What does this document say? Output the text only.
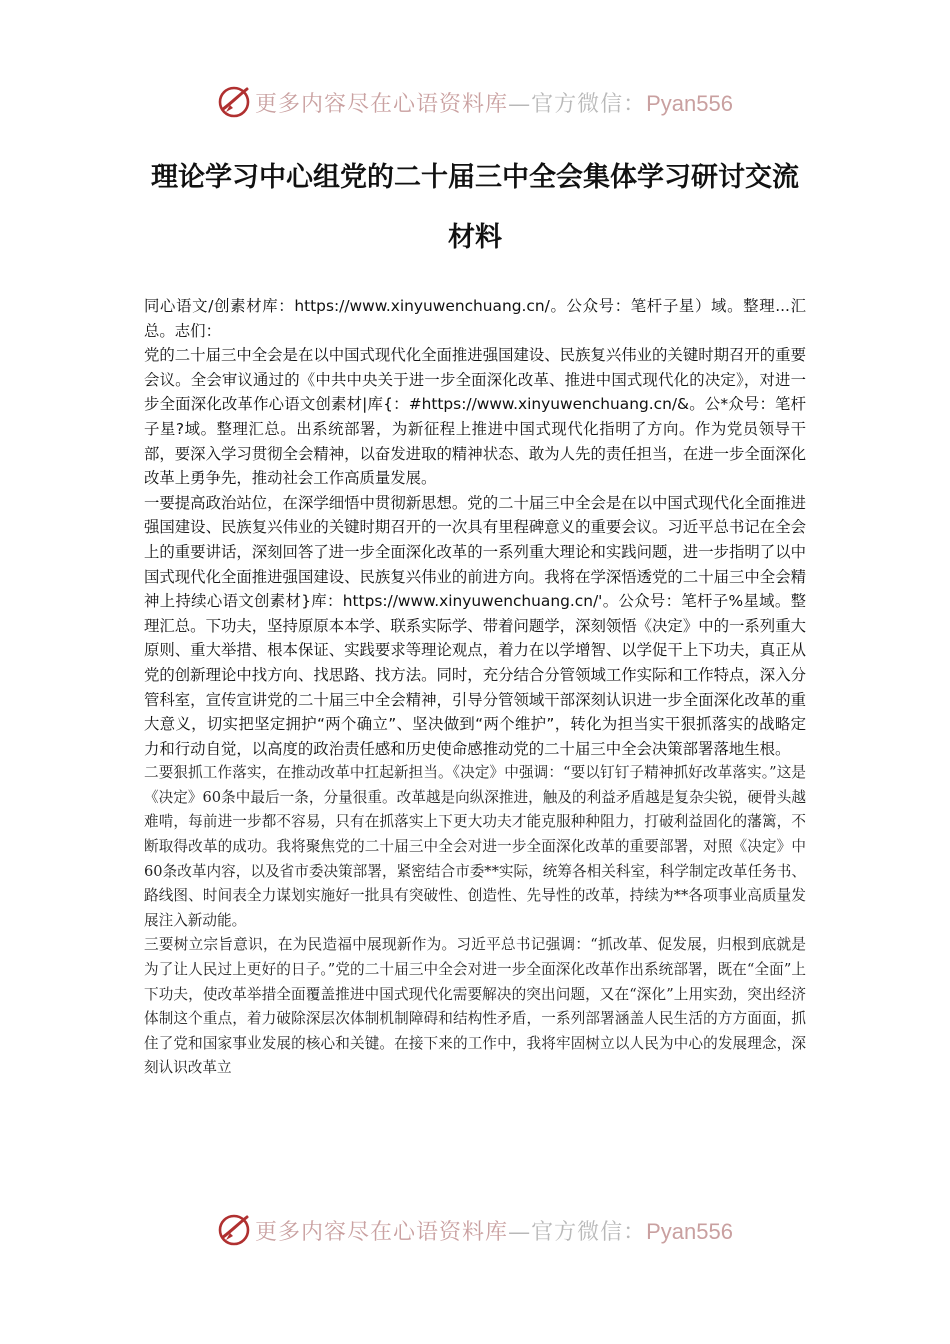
更多内容尽在心语资料库—官方微信：Pyan556
理论学习中心组党的二十届三中全会集体学习研讨交流材料

同心语文/创素材库：https://www.xinyuwenchuang.cn/。公众号：笔杆子星）域。整理...汇总。志们：

党的二十届三中全会是在以中国式现代化全面推进强国建设、民族复兴伟业的关键时期召开的重要会议。全会审议通过的《中共中央关于进一步全面深化改革、推进中国式现代化的决定》，对进一步全面深化改革作心语文创素材|库{：#https://www.xinyuwenchuang.cn/&。公*众号：笔杆子星?域。整理汇总。出系统部署，为新征程上推进中国式现代化指明了方向。作为党员领导干部，要深入学习贯彻全会精神，以奋发进取的精神状态、敢为人先的责任担当，在进一步全面深化改革上勇争先，推动社会工作高质量发展。

一要提高政治站位，在深学细悟中贯彻新思想。党的二十届三中全会是在以中国式现代化全面推进强国建设、民族复兴伟业的关键时期召开的一次具有里程碑意义的重要会议。习近平总书记在全会上的重要讲话，深刻回答了进一步全面深化改革的一系列重大理论和实践问题，进一步指明了以中国式现代化全面推进强国建设、民族复兴伟业的前进方向。我将在学深悟透党的二十届三中全会精神上持续心语文创素材}库：https://www.xinyuwenchuang.cn/'。公众号：笔杆子%星域。整理汇总。下功夫，坚持原原本本学、联系实际学、带着问题学，深刻领悟《决定》中的一系列重大原则、重大举措、根本保证、实践要求等理论观点，着力在以学增智、以学促干上下功夫，真正从党的创新理论中找方向、找思路、找方法。同时，充分结合分管领域工作实际和工作特点，深入分管科室，宣传宣讲党的二十届三中全会精神，引导分管领域干部深刻认识进一步全面深化改革的重大意义，切实把坚定拥护“两个确立”、坚决做到“两个维护”，转化为担当实干狠抓落实的战略定力和行动自觉，以高度的政治责任感和历史使命感推动党的二十届三中全会决策部署落地生根。

二要狠抓工作落实，在推动改革中扛起新担当。《决定》中强调：“要以钉钉子精神抓好改革落实。”这是《决定》60条中最后一条，分量很重。改革越是向纵深推进，触及的利益矛盾越是复杂尖锐，硬骨头越难啃，每前进一步都不容易，只有在抓落实上下更大功夫才能克服种种阻力，打破利益固化的藩篱，不断取得改革的成功。我将聚焦党的二十届三中全会对进一步全面深化改革的重要部署，对照《决定》中60条改革内容，以及省市委决策部署，紧密结合市委**实际，统筹各相关科室，科学制定改革任务书、路线图、时间表全力谋划实施好一批具有突破性、创造性、先导性的改革，持续为**各项事业高质量发展注入新动能。

三要树立宗旨意识，在为民造福中展现新作为。习近平总书记强调：“抓改革、促发展，归根到底就是为了让人民过上更好的日子。”党的二十届三中全会对进一步全面深化改革作出系统部署，既在“全面”上下功夫，使改革举措全面覆盖推进中国式现代化需要解决的突出问题，又在“深化”上用实劲，突出经济体制这个重点，着力破除深层次体制机制障碍和结构性矛盾，一系列部署涵盖人民生活的方方面面，抓住了党和国家事业发展的核心和关键。在接下来的工作中，我将牢固树立以人民为中心的发展理念，深刻认识改革立

更多内容尽在心语资料库—官方微信：Pyan556
